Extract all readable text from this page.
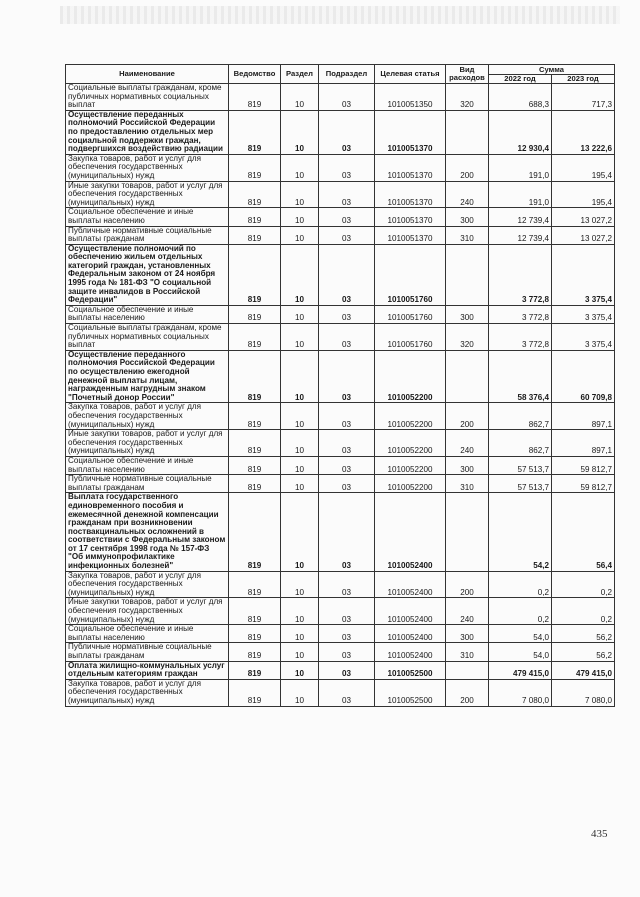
Наименование	Ведомство	Раздел	Подраздел	Целевая статья	Вид расходов	Сумма	
						2022 год	2023 год
Социальные выплаты гражданам, кроме публичных нормативных социальных выплат	819	10	03	1010051350	320	688,3	717,3
Осуществление переданных полномочий Российской Федерации по предоставлению отдельных мер социальной поддержки граждан, подвергшихся воздействию радиации	819	10	03	1010051370		12 930,4	13 222,6
Закупка товаров, работ и услуг для обеспечения государственных (муниципальных) нужд	819	10	03	1010051370	200	191,0	195,4
Иные закупки товаров, работ и услуг для обеспечения государственных (муниципальных) нужд	819	10	03	1010051370	240	191,0	195,4
Социальное обеспечение и иные выплаты населению	819	10	03	1010051370	300	12 739,4	13 027,2
Публичные нормативные социальные выплаты гражданам	819	10	03	1010051370	310	12 739,4	13 027,2
Осуществление полномочий по обеспечению жильем отдельных категорий граждан, установленных Федеральным законом от 24 ноября 1995 года № 181-ФЗ "О социальной защите инвалидов в Российской Федерации"	819	10	03	1010051760		3 772,8	3 375,4
Социальное обеспечение и иные выплаты населению	819	10	03	1010051760	300	3 772,8	3 375,4
Социальные выплаты гражданам, кроме публичных нормативных социальных выплат	819	10	03	1010051760	320	3 772,8	3 375,4
Осуществление переданного полномочия Российской Федерации по осуществлению ежегодной денежной выплаты лицам, награжденным нагрудным знаком "Почетный донор России"	819	10	03	1010052200		58 376,4	60 709,8
Закупка товаров, работ и услуг для обеспечения государственных (муниципальных) нужд	819	10	03	1010052200	200	862,7	897,1
Иные закупки товаров, работ и услуг для обеспечения государственных (муниципальных) нужд	819	10	03	1010052200	240	862,7	897,1
Социальное обеспечение и иные выплаты населению	819	10	03	1010052200	300	57 513,7	59 812,7
Публичные нормативные социальные выплаты гражданам	819	10	03	1010052200	310	57 513,7	59 812,7
Выплата государственного единовременного пособия и ежемесячной денежной компенсации гражданам при возникновении поствакцинальных осложнений в соответствии с Федеральным законом от 17 сентября 1998 года № 157-ФЗ "Об иммунопрофилактике инфекционных болезней"	819	10	03	1010052400		54,2	56,4
Закупка товаров, работ и услуг для обеспечения государственных (муниципальных) нужд	819	10	03	1010052400	200	0,2	0,2
Иные закупки товаров, работ и услуг для обеспечения государственных (муниципальных) нужд	819	10	03	1010052400	240	0,2	0,2
Социальное обеспечение и иные выплаты населению	819	10	03	1010052400	300	54,0	56,2
Публичные нормативные социальные выплаты гражданам	819	10	03	1010052400	310	54,0	56,2
Оплата жилищно-коммунальных услуг отдельным категориям граждан	819	10	03	1010052500		479 415,0	479 415,0
Закупка товаров, работ и услуг для обеспечения государственных (муниципальных) нужд	819	10	03	1010052500	200	7 080,0	7 080,0
435
